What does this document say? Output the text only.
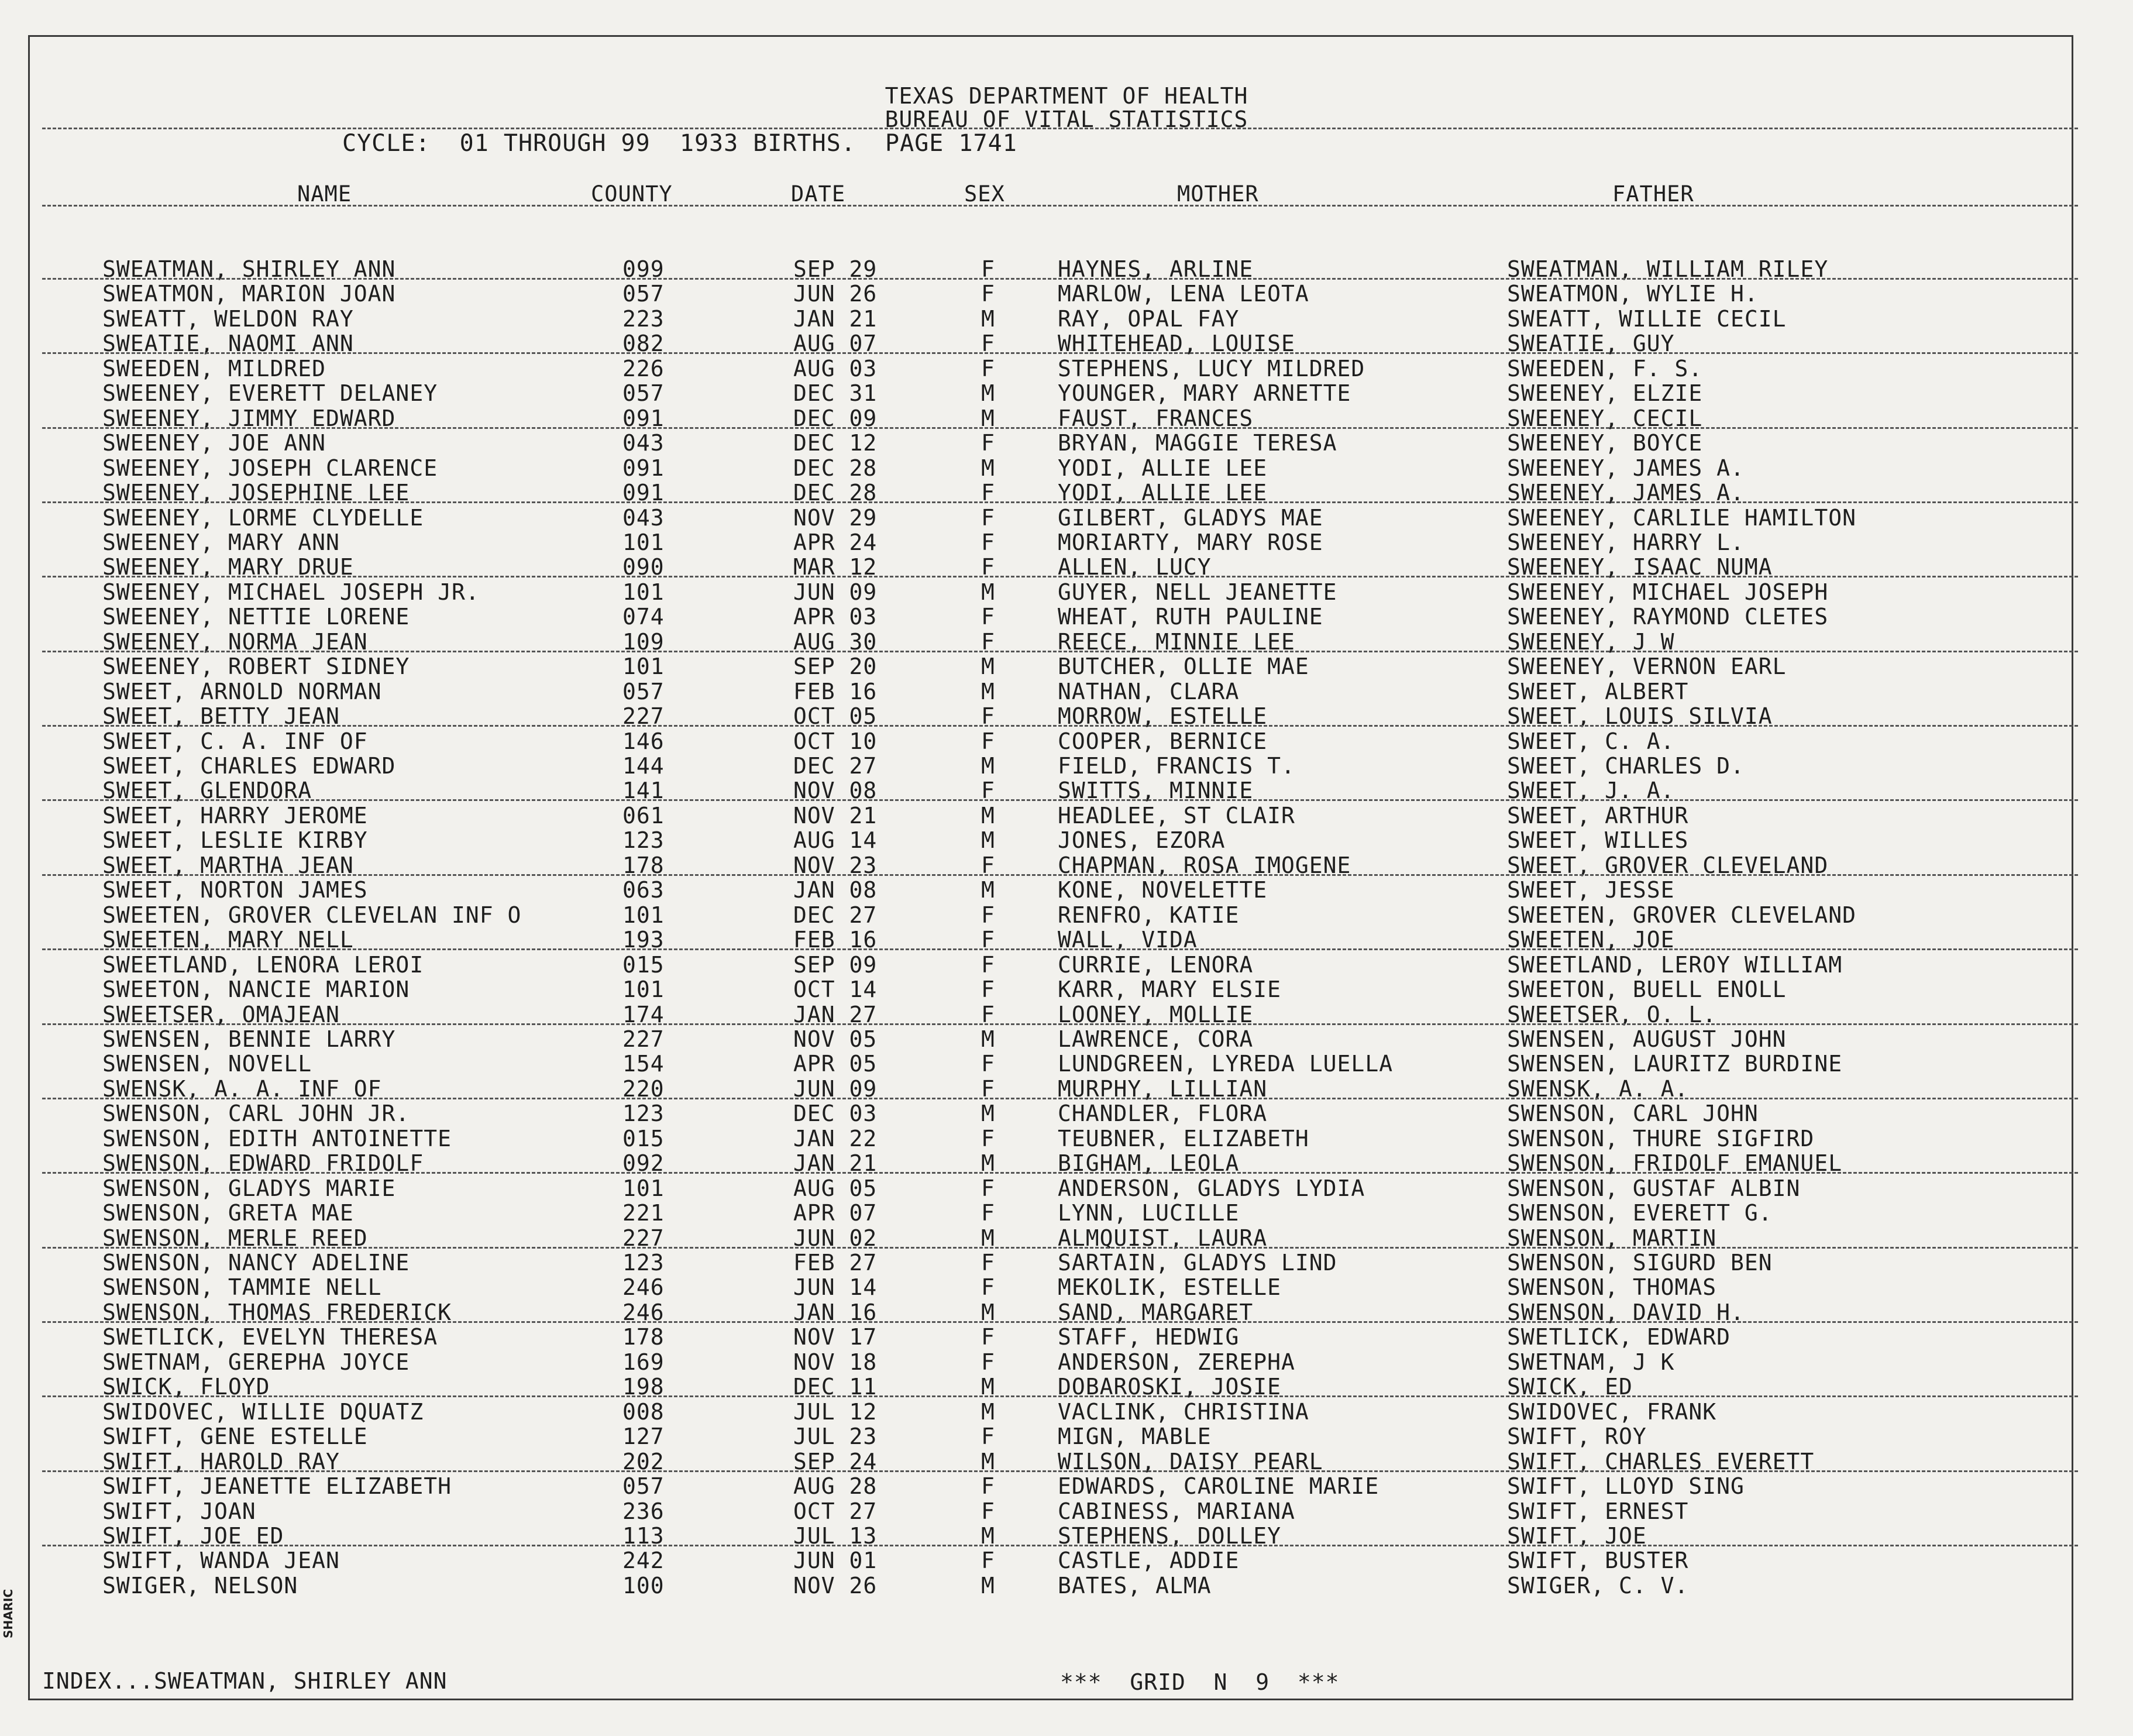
TEXAS DEPARTMENT OF HEALTH
BUREAU OF VITAL STATISTICS
CYCLE:  01 THROUGH 99  1933 BIRTHS.  PAGE 1741
NAME	COUNTY	DATE	SEX	MOTHER	FATHER
SWEATMAN, SHIRLEY ANN	099	SEP 29	F	HAYNES, ARLINE	SWEATMAN, WILLIAM RILEY
SWEATMON, MARION JOAN	057	JUN 26	F	MARLOW, LENA LEOTA	SWEATMON, WYLIE H.
SWEATT, WELDON RAY	223	JAN 21	M	RAY, OPAL FAY	SWEATT, WILLIE CECIL
SWEATIE, NAOMI ANN	082	AUG 07	F	WHITEHEAD, LOUISE	SWEATIE, GUY
SWEEDEN, MILDRED	226	AUG 03	F	STEPHENS, LUCY MILDRED	SWEEDEN, F. S.
SWEENEY, EVERETT DELANEY	057	DEC 31	M	YOUNGER, MARY ARNETTE	SWEENEY, ELZIE
SWEENEY, JIMMY EDWARD	091	DEC 09	M	FAUST, FRANCES	SWEENEY, CECIL
SWEENEY, JOE ANN	043	DEC 12	F	BRYAN, MAGGIE TERESA	SWEENEY, BOYCE
SWEENEY, JOSEPH CLARENCE	091	DEC 28	M	YODI, ALLIE LEE	SWEENEY, JAMES A.
SWEENEY, JOSEPHINE LEE	091	DEC 28	F	YODI, ALLIE LEE	SWEENEY, JAMES A.
SWEENEY, LORME CLYDELLE	043	NOV 29	F	GILBERT, GLADYS MAE	SWEENEY, CARLILE HAMILTON
SWEENEY, MARY ANN	101	APR 24	F	MORIARTY, MARY ROSE	SWEENEY, HARRY L.
SWEENEY, MARY DRUE	090	MAR 12	F	ALLEN, LUCY	SWEENEY, ISAAC NUMA
SWEENEY, MICHAEL JOSEPH JR.	101	JUN 09	M	GUYER, NELL JEANETTE	SWEENEY, MICHAEL JOSEPH
SWEENEY, NETTIE LORENE	074	APR 03	F	WHEAT, RUTH PAULINE	SWEENEY, RAYMOND CLETES
SWEENEY, NORMA JEAN	109	AUG 30	F	REECE, MINNIE LEE	SWEENEY, J W
SWEENEY, ROBERT SIDNEY	101	SEP 20	M	BUTCHER, OLLIE MAE	SWEENEY, VERNON EARL
SWEET, ARNOLD NORMAN	057	FEB 16	M	NATHAN, CLARA	SWEET, ALBERT
SWEET, BETTY JEAN	227	OCT 05	F	MORROW, ESTELLE	SWEET, LOUIS SILVIA
SWEET, C. A. INF OF	146	OCT 10	F	COOPER, BERNICE	SWEET, C. A.
SWEET, CHARLES EDWARD	144	DEC 27	M	FIELD, FRANCIS T.	SWEET, CHARLES D.
SWEET, GLENDORA	141	NOV 08	F	SWITTS, MINNIE	SWEET, J. A.
SWEET, HARRY JEROME	061	NOV 21	M	HEADLEE, ST CLAIR	SWEET, ARTHUR
SWEET, LESLIE KIRBY	123	AUG 14	M	JONES, EZORA	SWEET, WILLES
SWEET, MARTHA JEAN	178	NOV 23	F	CHAPMAN, ROSA IMOGENE	SWEET, GROVER CLEVELAND
SWEET, NORTON JAMES	063	JAN 08	M	KONE, NOVELETTE	SWEET, JESSE
SWEETEN, GROVER CLEVELAN INF O	101	DEC 27	F	RENFRO, KATIE	SWEETEN, GROVER CLEVELAND
SWEETEN, MARY NELL	193	FEB 16	F	WALL, VIDA	SWEETEN, JOE
SWEETLAND, LENORA LEROI	015	SEP 09	F	CURRIE, LENORA	SWEETLAND, LEROY WILLIAM
SWEETON, NANCIE MARION	101	OCT 14	F	KARR, MARY ELSIE	SWEETON, BUELL ENOLL
SWEETSER, OMAJEAN	174	JAN 27	F	LOONEY, MOLLIE	SWEETSER, O. L.
SWENSEN, BENNIE LARRY	227	NOV 05	M	LAWRENCE, CORA	SWENSEN, AUGUST JOHN
SWENSEN, NOVELL	154	APR 05	F	LUNDGREEN, LYREDA LUELLA	SWENSEN, LAURITZ BURDINE
SWENSK, A. A. INF OF	220	JUN 09	F	MURPHY, LILLIAN	SWENSK, A. A.
SWENSON, CARL JOHN JR.	123	DEC 03	M	CHANDLER, FLORA	SWENSON, CARL JOHN
SWENSON, EDITH ANTOINETTE	015	JAN 22	F	TEUBNER, ELIZABETH	SWENSON, THURE SIGFIRD
SWENSON, EDWARD FRIDOLF	092	JAN 21	M	BIGHAM, LEOLA	SWENSON, FRIDOLF EMANUEL
SWENSON, GLADYS MARIE	101	AUG 05	F	ANDERSON, GLADYS LYDIA	SWENSON, GUSTAF ALBIN
SWENSON, GRETA MAE	221	APR 07	F	LYNN, LUCILLE	SWENSON, EVERETT G.
SWENSON, MERLE REED	227	JUN 02	M	ALMQUIST, LAURA	SWENSON, MARTIN
SWENSON, NANCY ADELINE	123	FEB 27	F	SARTAIN, GLADYS LIND	SWENSON, SIGURD BEN
SWENSON, TAMMIE NELL	246	JUN 14	F	MEKOLIK, ESTELLE	SWENSON, THOMAS
SWENSON, THOMAS FREDERICK	246	JAN 16	M	SAND, MARGARET	SWENSON, DAVID H.
SWETLICK, EVELYN THERESA	178	NOV 17	F	STAFF, HEDWIG	SWETLICK, EDWARD
SWETNAM, GEREPHA JOYCE	169	NOV 18	F	ANDERSON, ZEREPHA	SWETNAM, J K
SWICK, FLOYD	198	DEC 11	M	DOBAROSKI, JOSIE	SWICK, ED
SWIDOVEC, WILLIE DQUATZ	008	JUL 12	M	VACLINK, CHRISTINA	SWIDOVEC, FRANK
SWIFT, GENE ESTELLE	127	JUL 23	F	MIGN, MABLE	SWIFT, ROY
SWIFT, HAROLD RAY	202	SEP 24	M	WILSON, DAISY PEARL	SWIFT, CHARLES EVERETT
SWIFT, JEANETTE ELIZABETH	057	AUG 28	F	EDWARDS, CAROLINE MARIE	SWIFT, LLOYD SING
SWIFT, JOAN	236	OCT 27	F	CABINESS, MARIANA	SWIFT, ERNEST
SWIFT, JOE ED	113	JUL 13	M	STEPHENS, DOLLEY	SWIFT, JOE
SWIFT, WANDA JEAN	242	JUN 01	F	CASTLE, ADDIE	SWIFT, BUSTER
SWIGER, NELSON	100	NOV 26	M	BATES, ALMA	SWIGER, C. V.
INDEX...SWEATMAN, SHIRLEY ANN	***  GRID  N  9  ***
SHARIC
